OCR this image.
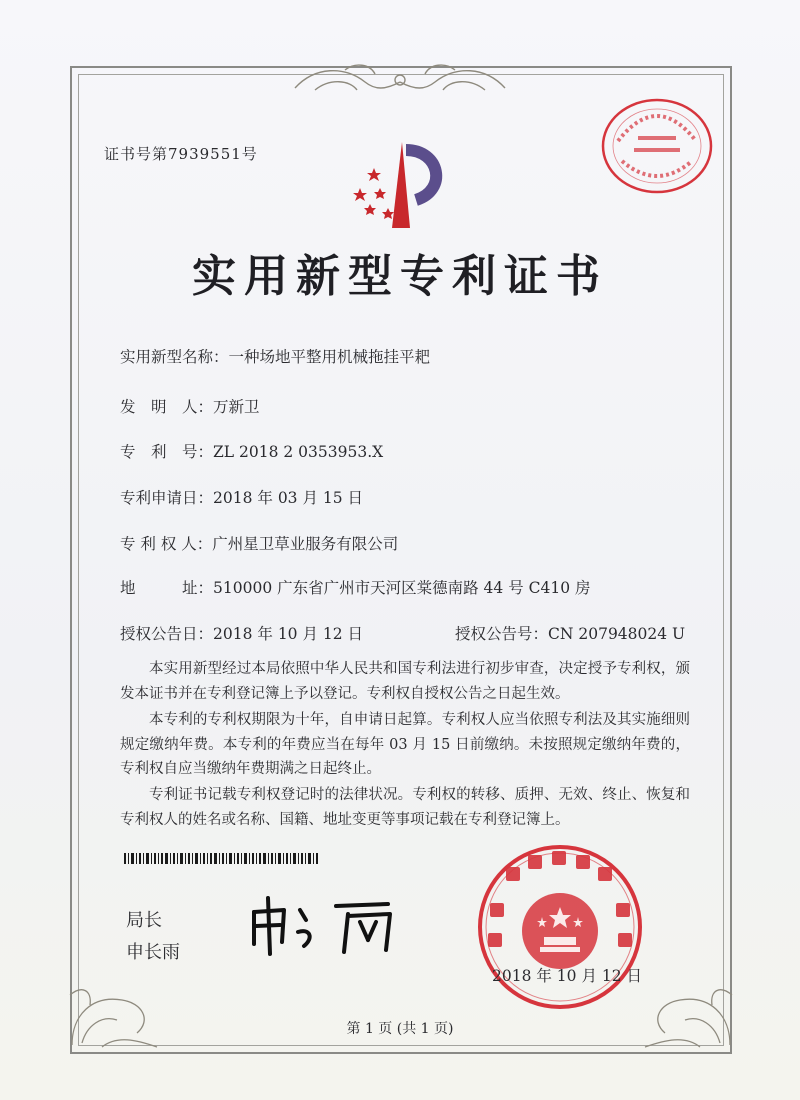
证书号第7939551号
实用新型专利证书
实用新型名称：一种场地平整用机械拖挂平耙
发　明　人：万新卫
专　利　号：ZL 2018 2 0353953.X
专利申请日：2018 年 03 月 15 日
专 利 权 人：广州星卫草业服务有限公司
地　　　址：510000 广东省广州市天河区棠德南路 44 号 C410 房
授权公告日：2018 年 10 月 12 日	授权公告号：CN 207948024 U
本实用新型经过本局依照中华人民共和国专利法进行初步审查，决定授予专利权，颁发本证书并在专利登记簿上予以登记。专利权自授权公告之日起生效。
本专利的专利权期限为十年，自申请日起算。专利权人应当依照专利法及其实施细则规定缴纳年费。本专利的年费应当在每年 03 月 15 日前缴纳。未按照规定缴纳年费的，专利权自应当缴纳年费期满之日起终止。
专利证书记载专利权登记时的法律状况。专利权的转移、质押、无效、终止、恢复和专利权人的姓名或名称、国籍、地址变更等事项记载在专利登记簿上。
局长
申长雨
2018 年 10 月 12 日
第 1 页 (共 1 页)
